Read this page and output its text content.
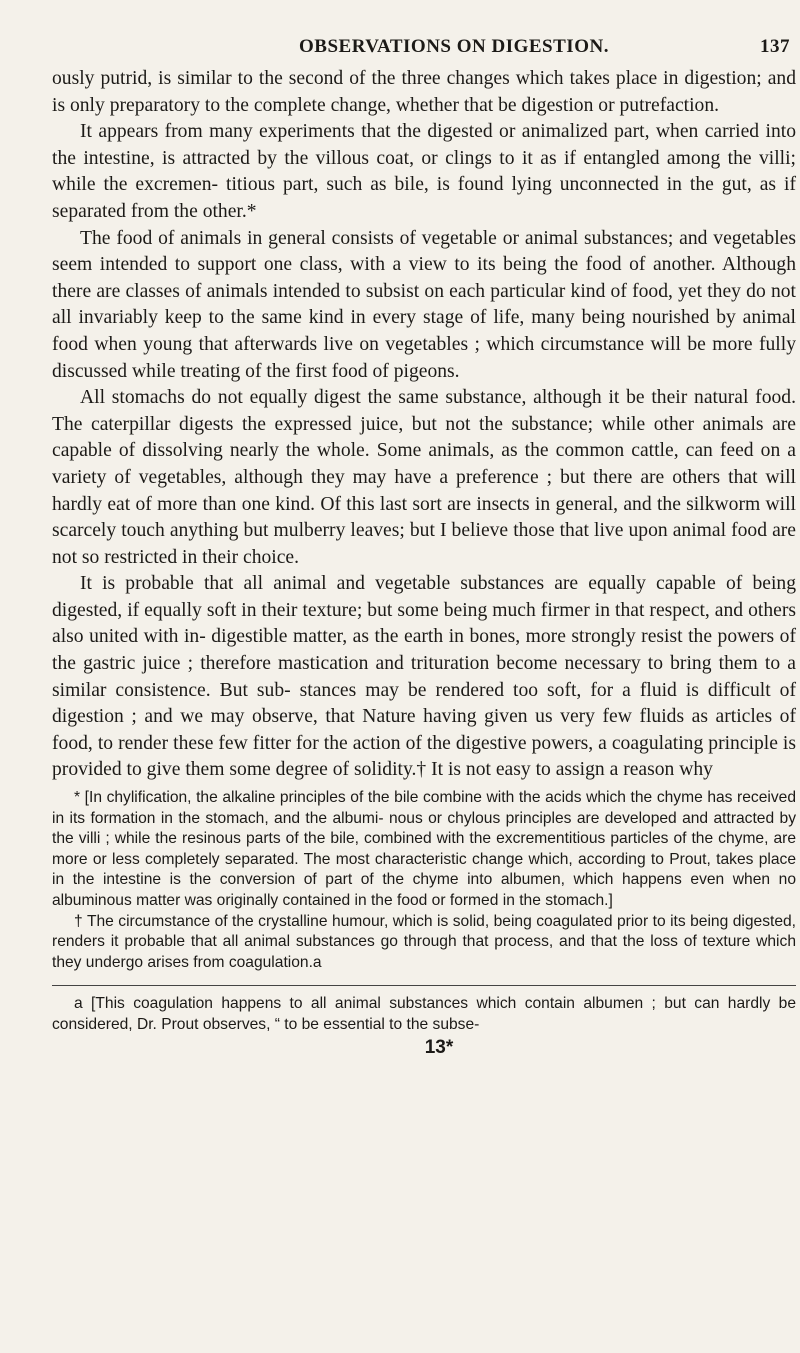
OBSERVATIONS ON DIGESTION.	137

ously putrid, is similar to the second of the three changes which takes place in digestion; and is only preparatory to the complete change, whether that be digestion or putrefaction.

It appears from many experiments that the digested or animalized part, when carried into the intestine, is attracted by the villous coat, or clings to it as if entangled among the villi; while the excremen- titious part, such as bile, is found lying unconnected in the gut, as if separated from the other.*

The food of animals in general consists of vegetable or animal substances; and vegetables seem intended to support one class, with a view to its being the food of another. Although there are classes of animals intended to subsist on each particular kind of food, yet they do not all invariably keep to the same kind in every stage of life, many being nourished by animal food when young that afterwards live on vegetables ; which circumstance will be more fully discussed while treating of the first food of pigeons.

All stomachs do not equally digest the same substance, although it be their natural food. The caterpillar digests the expressed juice, but not the substance; while other animals are capable of dissolving nearly the whole. Some animals, as the common cattle, can feed on a variety of vegetables, although they may have a preference ; but there are others that will hardly eat of more than one kind. Of this last sort are insects in general, and the silkworm will scarcely touch anything but mulberry leaves; but I believe those that live upon animal food are not so restricted in their choice.

It is probable that all animal and vegetable substances are equally capable of being digested, if equally soft in their texture; but some being much firmer in that respect, and others also united with in- digestible matter, as the earth in bones, more strongly resist the powers of the gastric juice ; therefore mastication and trituration become necessary to bring them to a similar consistence. But sub- stances may be rendered too soft, for a fluid is difficult of digestion ; and we may observe, that Nature having given us very few fluids as articles of food, to render these few fitter for the action of the digestive powers, a coagulating principle is provided to give them some degree of solidity.† It is not easy to assign a reason why

* [In chylification, the alkaline principles of the bile combine with the acids which the chyme has received in its formation in the stomach, and the albumi- nous or chylous principles are developed and attracted by the villi ; while the resinous parts of the bile, combined with the excrementitious particles of the chyme, are more or less completely separated. The most characteristic change which, according to Prout, takes place in the intestine is the conversion of part of the chyme into albumen, which happens even when no albuminous matter was originally contained in the food or formed in the stomach.]

† The circumstance of the crystalline humour, which is solid, being coagulated prior to its being digested, renders it probable that all animal substances go through that process, and that the loss of texture which they undergo arises from coagulation.a

a [This coagulation happens to all animal substances which contain albumen ; but can hardly be considered, Dr. Prout observes, “ to be essential to the subse-

13*
